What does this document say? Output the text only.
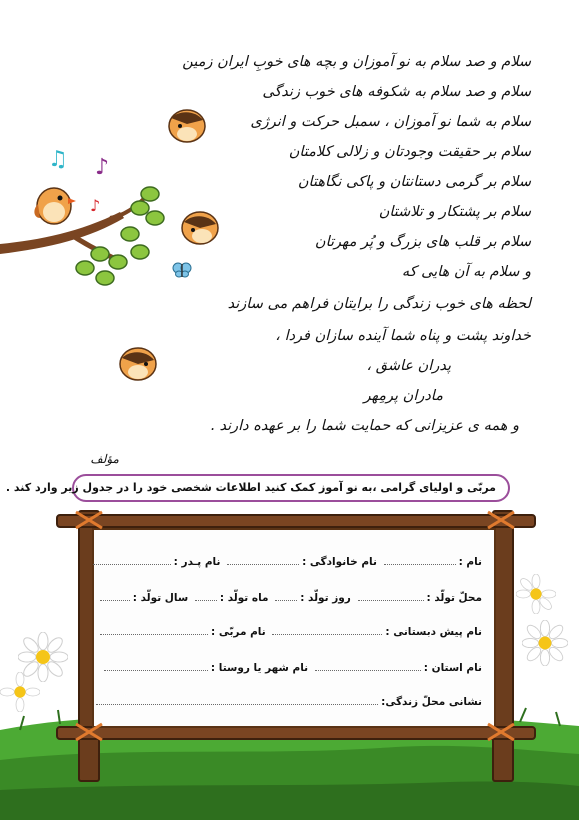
♫ ♪
♪
سلام و صد سلام به نو آموزان و بچه های خوبِ ایران زمین
سلام و صد سلام به شکوفه های خوب زندگی
سلام به شما نو آموزان ، سمبل حرکت و انرژی
سلام بر حقیقت وجودتان و زلالی کلامتان
سلام بر گرمی دستانتان و پاکی نگاهتان
سلام بر پشتکار و تلاشتان
سلام بر قلب های بزرگ و پُر مهرتان
و سلام به آن هایی که
لحظه های خوب زندگی را برایتان فراهم می سازند
خداوند پشت و پناه شما آینده سازان فردا ،
پدران عاشق ،
مادران پرمِهر
و همه ی عزیزانی که حمایت شما را بر عهده دارند .
مؤلف
مربّی و اولیای گرامی ،به نو آموز کمک کنید اطلاعات شخصی خود را در جدول زیر وارد کند .
نام : نام خانوادگی : نام پـدر :
محلّ تولّد : روز تولّد : ماه تولّد : سال تولّد :
نام پیش دبستانی : نام مربّی :
نام استان : نام شهر یا روستا :
نشانی محلّ زندگی:
